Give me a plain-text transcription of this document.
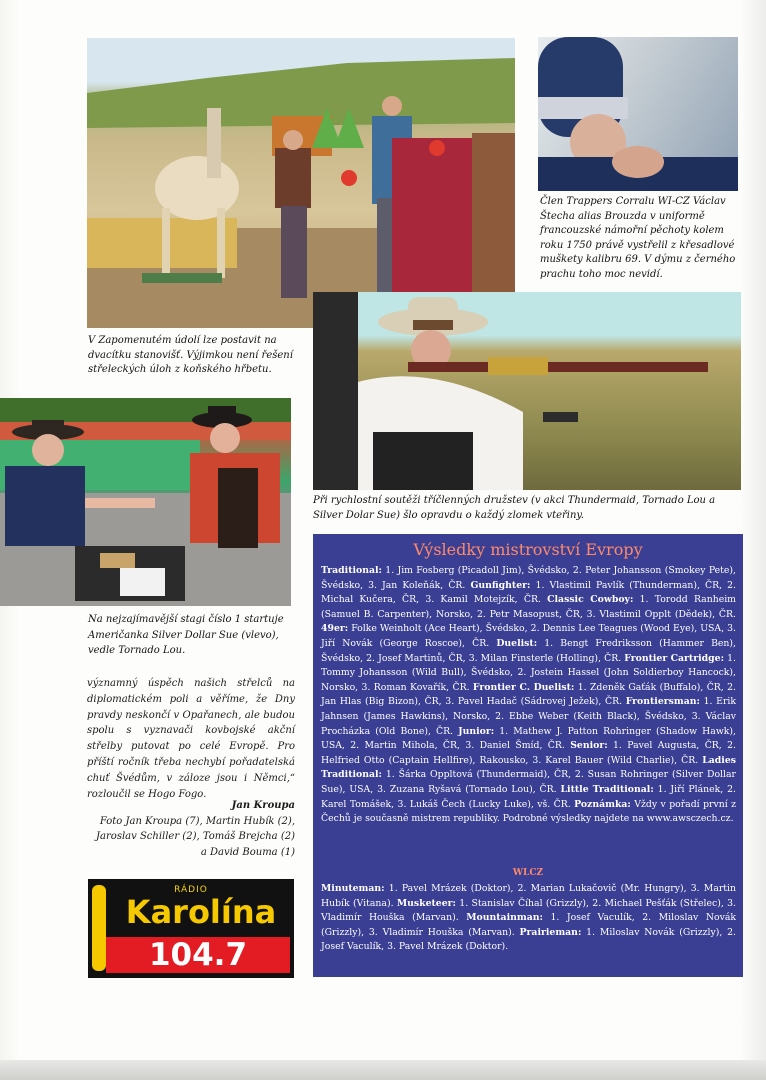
Člen Trappers Corralu WI-CZ Václav Štecha alias Brouzda v uniformě francouzské námořní pěchoty kolem roku 1750 právě vystřelil z křesadlové muškety kalibru 69. V dýmu z černého prachu toho moc nevidí.

V Zapomenutém údolí lze postavit na dvacítku stanovišť. Výjimkou není řešení střeleckých úloh z koňského hřbetu.

Při rychlostní soutěži tříčlenných družstev (v akci Thundermaid, Tornado Lou a Silver Dolar Sue) šlo opravdu o každý zlomek vteřiny.

Na nejzajímavější stagi číslo 1 startuje Američanka Silver Dollar Sue (vlevo), vedle Tornado Lou.

významný úspěch našich střelců na diplomatickém poli a věříme, že Dny pravdy neskončí v Opařanech, ale budou spolu s vyznavači kovbojské akční střelby putovat po celé Evropě. Pro příští ročník třeba nechybí pořadatelská chuť Švédům, v záloze jsou i Němci,“ rozloučil se Hogo Fogo.
Jan Kroupa
Foto Jan Kroupa (7), Martin Hubík (2), Jaroslav Schiller (2), Tomáš Brejcha (2) a David Bouma (1)
RÁDIO
Karolína
104.7
Výsledky mistrovství Evropy
Traditional: 1. Jim Fosberg (Picadoll Jim), Švédsko, 2. Peter Johansson (Smokey Pete), Švédsko, 3. Jan Koleňák, ČR. Gunfighter: 1. Vlastimil Pavlík (Thunderman), ČR, 2. Michal Kučera, ČR, 3. Kamil Motejzík, ČR. Classic Cowboy: 1. Torodd Ranheim (Samuel B. Carpenter), Norsko, 2. Petr Masopust, ČR, 3. Vlastimil Opplt (Dědek), ČR. 49er: Folke Weinholt (Ace Heart), Švédsko, 2. Dennis Lee Teagues (Wood Eye), USA, 3. Jiří Novák (George Roscoe), ČR. Duelist: 1. Bengt Fredriksson (Hammer Ben), Švédsko, 2. Josef Martinů, ČR, 3. Milan Finsterle (Holling), ČR. Frontier Cartridge: 1. Tommy Johansson (Wild Bull), Švédsko, 2. Jostein Hassel (John Soldierboy Hancock), Norsko, 3. Roman Kovařík, ČR. Frontier C. Duelist: 1. Zdeněk Gaťák (Buffalo), ČR, 2. Jan Hlas (Big Bizon), ČR, 3. Pavel Hadač (Sádrovej Ježek), ČR. Frontiersman: 1. Erik Jahnsen (James Hawkins), Norsko, 2. Ebbe Weber (Keith Black), Švédsko, 3. Václav Procházka (Old Bone), ČR. Junior: 1. Mathew J. Patton Rohringer (Shadow Hawk), USA, 2. Martin Mihola, ČR, 3. Daniel Šmíd, ČR. Senior: 1. Pavel Augusta, ČR, 2. Helfried Otto (Captain Hellfire), Rakousko, 3. Karel Bauer (Wild Charlie), ČR. Ladies Traditional: 1. Šárka Oppltová (Thundermaid), ČR, 2. Susan Rohringer (Silver Dollar Sue), USA, 3. Zuzana Ryšavá (Tornado Lou), ČR. Little Traditional: 1. Jiří Plánek, 2. Karel Tomášek, 3. Lukáš Čech (Lucky Luke), vš. ČR. Poznámka: Vždy v pořadí první z Čechů je současně mistrem republiky. Podrobné výsledky najdete na www.awsczech.cz.
WLCZ
Minuteman: 1. Pavel Mrázek (Doktor), 2. Marian Lukačovič (Mr. Hungry), 3. Martin Hubík (Vitana). Musketeer: 1. Stanislav Číhal (Grizzly), 2. Michael Pešťák (Střelec), 3. Vladimír Houška (Marvan). Mountainman: 1. Josef Vaculík, 2. Miloslav Novák (Grizzly), 3. Vladimír Houška (Marvan). Prairieman: 1. Miloslav Novák (Grizzly), 2. Josef Vaculík, 3. Pavel Mrázek (Doktor).
